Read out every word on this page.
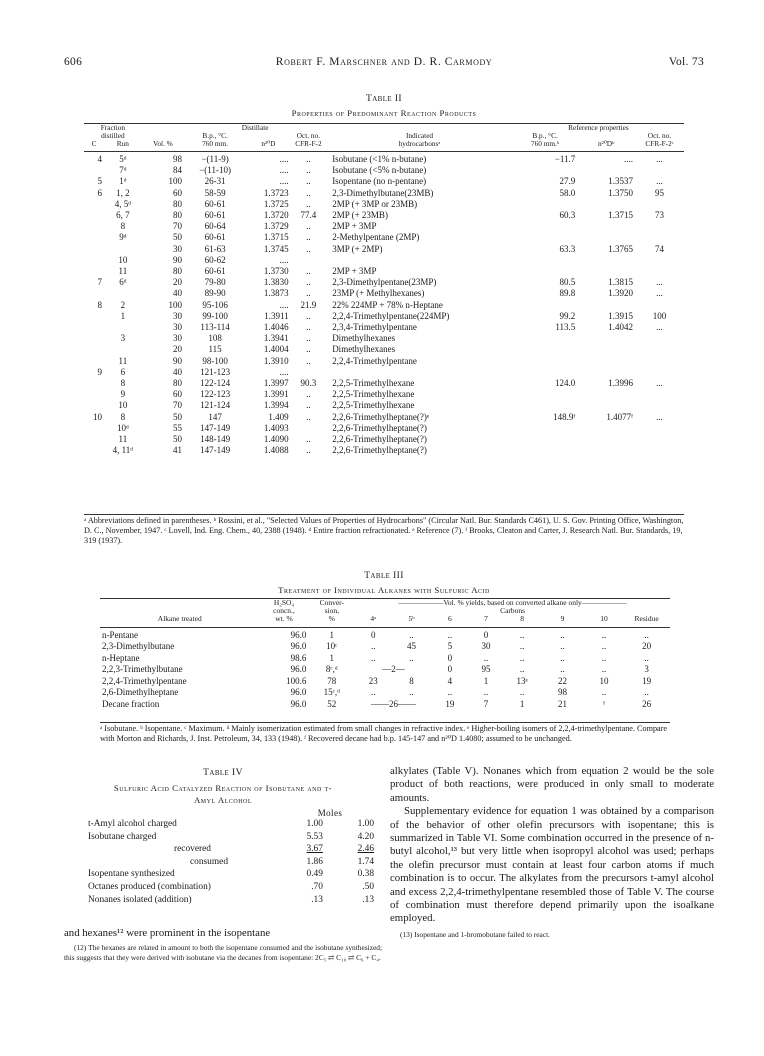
606	Robert F. Marschner and D. R. Carmody	Vol. 73
Table II
Properties of Predominant Reaction Products
Fraction			Distillate				Reference properties		
distilled			B.p., °C.		Oct. no.	Indicated	B.p., °C.		Oct. no.
C	Run	Vol. %	760 mm.	n²⁰D	CFR-F-2	hydrocarbonsᵃ	760 mm.ᵇ	n²⁰Dᵇ	CFR-F-2ᶜ

4	5ᵈ	98	−(11-9)	....	..	Isobutane (<1% n-butane)	−11.7	....	...
	7ᵈ	84	−(11-10)	....	..	Isobutane (<5% n-butane)			
5	1ᵈ	100	26-31	....	..	Isopentane (no n-pentane)	27.9	1.3537	...
6	1, 2	60	58-59	1.3723	..	2,3-Dimethylbutane(23MB)	58.0	1.3750	95
	4, 5ᵈ	80	60-61	1.3725	..	2MP (+ 3MP or 23MB)			
	6, 7	80	60-61	1.3720	77.4	2MP (+ 23MB)	60.3	1.3715	73
	8	70	60-64	1.3729	..	2MP + 3MP			
	9ᵈ	50	60-61	1.3715	..	2-Methylpentane (2MP)			
		30	61-63	1.3745	..	3MP (+ 2MP)	63.3	1.3765	74
	10	90	60-62	....					
	11	80	60-61	1.3730	..	2MP + 3MP			
7	6ᵈ	20	79-80	1.3830	..	2,3-Dimethylpentane(23MP)	80.5	1.3815	...
		40	89-90	1.3873	..	23MP (+ Methylhexanes)	89.8	1.3920	...
8	2	100	95-106	....	21.9	22% 224MP + 78% n-Heptane			
	1	30	99-100	1.3911	..	2,2,4-Trimethylpentane(224MP)	99.2	1.3915	100
		30	113-114	1.4046	..	2,3,4-Trimethylpentane	113.5	1.4042	...
	3	30	108	1.3941	..	Dimethylhexanes			
		20	115	1.4004	..	Dimethylhexanes			
	11	90	98-100	1.3910	..	2,2,4-Trimethylpentane			
9	6	40	121-123	....					
	8	80	122-124	1.3997	90.3	2,2,5-Trimethylhexane	124.0	1.3996	...
	9	60	122-123	1.3991	..	2,2,5-Trimethylhexane			
	10	70	121-124	1.3994	..	2,2,5-Trimethylhexane			
10	8	50	147	1.409	..	2,2,6-Trimethylheptane(?)ᵉ	148.9ᶠ	1.4077ᶠ	...
	10ᵈ	55	147-149	1.4093		2,2,6-Trimethylheptane(?)			
	11	50	148-149	1.4090	..	2,2,6-Trimethylheptane(?)			
	4, 11ᵈ	41	147-149	1.4088	..	2,2,6-Trimethylheptane(?)			
ᵃ Abbreviations defined in parentheses. ᵇ Rossini, et al., "Selected Values of Properties of Hydrocarbons" (Circular Natl. Bur. Standards C461), U. S. Gov. Printing Office, Washington, D. C., November, 1947. ᶜ Lovell, Ind. Eng. Chem., 40, 2388 (1948). ᵈ Entire fraction refractionated. ᵉ Reference (7). ᶠ Brooks, Cleaton and Carter, J. Research Natl. Bur. Standards, 19, 319 (1937).
Table III
Treatment of Individual Alkanes with Sulfuric Acid
	H₂SO₄	Conver-	——————Vol. % yields, based on converted alkane only——————							
	concn.,	sion,	Carbons							
Alkane treated	wt. %	%	4ᵃ	5ᵇ	6	7	8	9	10	Residue

n-Pentane	96.0	1	0	..	..	0	..	..	..	..
2,3-Dimethylbutane	96.0	10ᶜ	..	45	5	30	..	..	..	20
n-Heptane	98.6	1	..	..	0	..	..	..	..	..
2,2,3-Trimethylbutane	96.0	8ᶜ,ᵈ	—2—		0	95	..	..	..	3
2,2,4-Trimethylpentane	100.6	78	23	8	4	1	13ᵉ	22	10	19
2,6-Dimethylheptane	96.0	15ᶜ,ᵈ	..	..	..	..	..	98	..	..
Decane fraction	96.0	52	——26——		19	7	1	21	ᶠ	26
ᵃ Isobutane. ᵇ Isopentane. ᶜ Maximum. ᵈ Mainly isomerization estimated from small changes in refractive index. ᵉ Higher-boiling isomers of 2,2,4-trimethylpentane. Compare with Morton and Richards, J. Inst. Petroleum, 34, 133 (1948). ᶠ Recovered decane had b.p. 145-147 and n²⁰D 1.4080; assumed to be unchanged.
Table IV
Sulfuric Acid Catalyzed Reaction of Isobutane and t-
Amyl Alcohol
Moles
t-Amyl alcohol charged	1.00	1.00
Isobutane charged	5.53	4.20
recovered	3.67	2.46
consumed	1.86	1.74
Isopentane synthesized	0.49	0.38
Octanes produced (combination)	.70	.50
Nonanes isolated (addition)	.13	.13

and hexanes¹² were prominent in the isopentane

(12) The hexanes are related in amount to both the isopentane consumed and the isobutane synthesized; this suggests that they were derived with isobutane via the decanes from isopentane: 2C₅ ⇄ C₁₀ ⇄ C₆ + C₄.

alkylates (Table V). Nonanes which from equation 2 would be the sole product of both reactions, were produced in only small to moderate amounts.

Supplementary evidence for equation 1 was obtained by a comparison of the behavior of other olefin precursors with isopentane; this is summarized in Table VI. Some combination occurred in the presence of n-butyl alcohol,¹³ but very little when isopropyl alcohol was used; perhaps the olefin precursor must contain at least four carbon atoms if much combination is to occur. The alkylates from the precursors t-amyl alcohol and excess 2,2,4-trimethylpentane resembled those of Table V. The course of combination must therefore depend primarily upon the isoalkane employed.

(13) Isopentane and 1-bromobutane failed to react.
